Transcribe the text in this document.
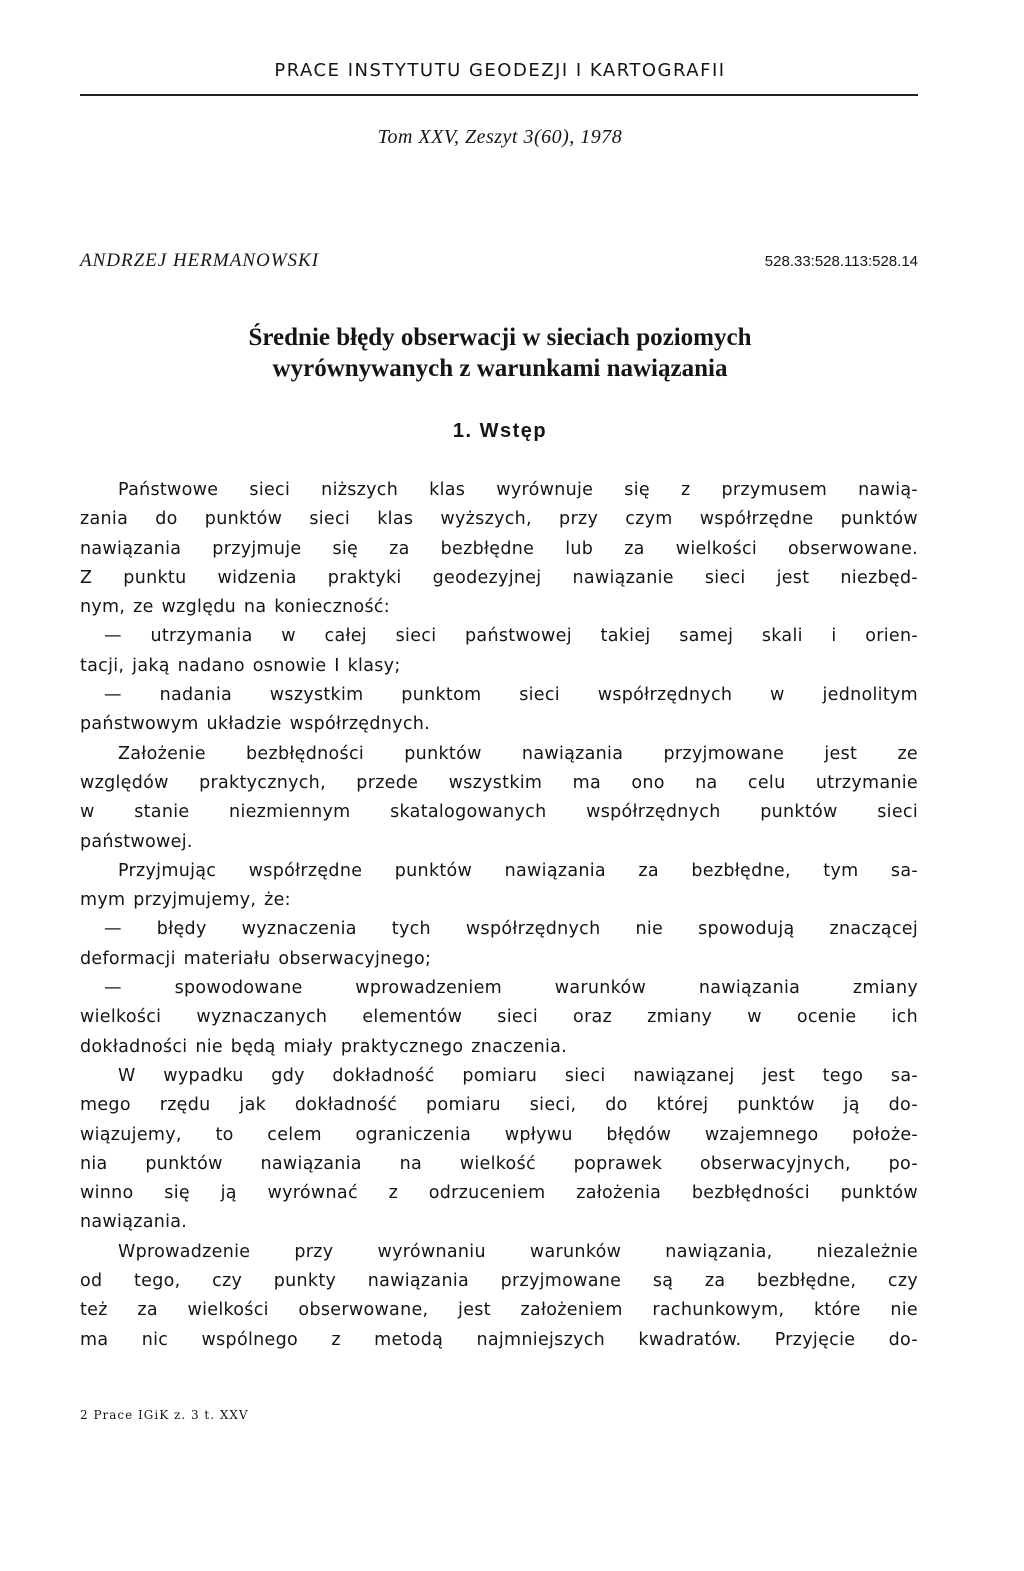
PRACE INSTYTUTU GEODEZJI I KARTOGRAFII
Tom XXV, Zeszyt 3(60), 1978
ANDRZEJ HERMANOWSKI	528.33:528.113:528.14
Średnie błędy obserwacji w sieciach poziomych
wyrównywanych z warunkami nawiązania
1. Wstęp
Państwowe sieci niższych klas wyrównuje się z przymusem nawią-
zania do punktów sieci klas wyższych, przy czym współrzędne punktów
nawiązania przyjmuje się za bezbłędne lub za wielkości obserwowane.
Z punktu widzenia praktyki geodezyjnej nawiązanie sieci jest niezbęd-
nym, ze względu na konieczność:
— utrzymania w całej sieci państwowej takiej samej skali i orien-
tacji, jaką nadano osnowie I klasy;
— nadania wszystkim punktom sieci współrzędnych w jednolitym
państwowym układzie współrzędnych.
Założenie bezbłędności punktów nawiązania przyjmowane jest ze
względów praktycznych, przede wszystkim ma ono na celu utrzymanie
w stanie niezmiennym skatalogowanych współrzędnych punktów sieci
państwowej.
Przyjmując współrzędne punktów nawiązania za bezbłędne, tym sa-
mym przyjmujemy, że:
— błędy wyznaczenia tych współrzędnych nie spowodują znaczącej
deformacji materiału obserwacyjnego;
— spowodowane wprowadzeniem warunków nawiązania zmiany
wielkości wyznaczanych elementów sieci oraz zmiany w ocenie ich
dokładności nie będą miały praktycznego znaczenia.
W wypadku gdy dokładność pomiaru sieci nawiązanej jest tego sa-
mego rzędu jak dokładność pomiaru sieci, do której punktów ją do-
wiązujemy, to celem ograniczenia wpływu błędów wzajemnego położe-
nia punktów nawiązania na wielkość poprawek obserwacyjnych, po-
winno się ją wyrównać z odrzuceniem założenia bezbłędności punktów
nawiązania.
Wprowadzenie przy wyrównaniu warunków nawiązania, niezależnie
od tego, czy punkty nawiązania przyjmowane są za bezbłędne, czy
też za wielkości obserwowane, jest założeniem rachunkowym, które nie
ma nic wspólnego z metodą najmniejszych kwadratów. Przyjęcie do-
2 Prace IGiK z. 3 t. XXV
